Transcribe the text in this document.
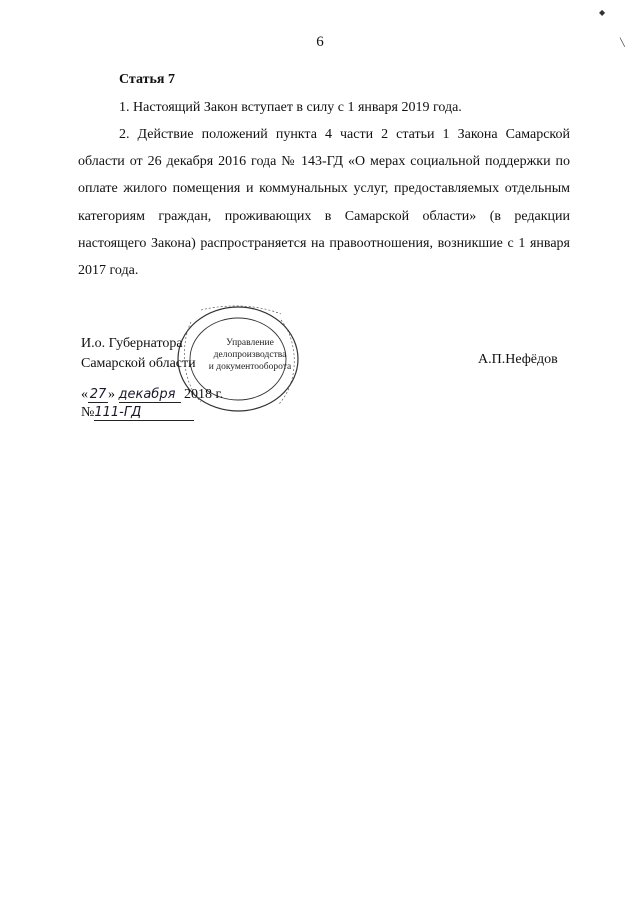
◆
╲
6
Статья 7
1. Настоящий Закон вступает в силу с 1 января 2019 года.
2. Действие положений пункта 4 части 2 статьи 1 Закона Самарской области от 26 декабря 2016 года № 143-ГД «О мерах социальной поддержки по оплате жилого помещения и коммунальных услуг, предоставляемых отдельным категориям граждан, проживающих в Самарской области» (в редакции настоящего Закона) распространяется на правоотношения, возникшие с 1 января 2017 года.
Управление
делопроизводства
и документооборота
И.о. Губернатора
Самарской области	А.П.Нефёдов
« 27 » декабря 2018 г.
№111-ГД
